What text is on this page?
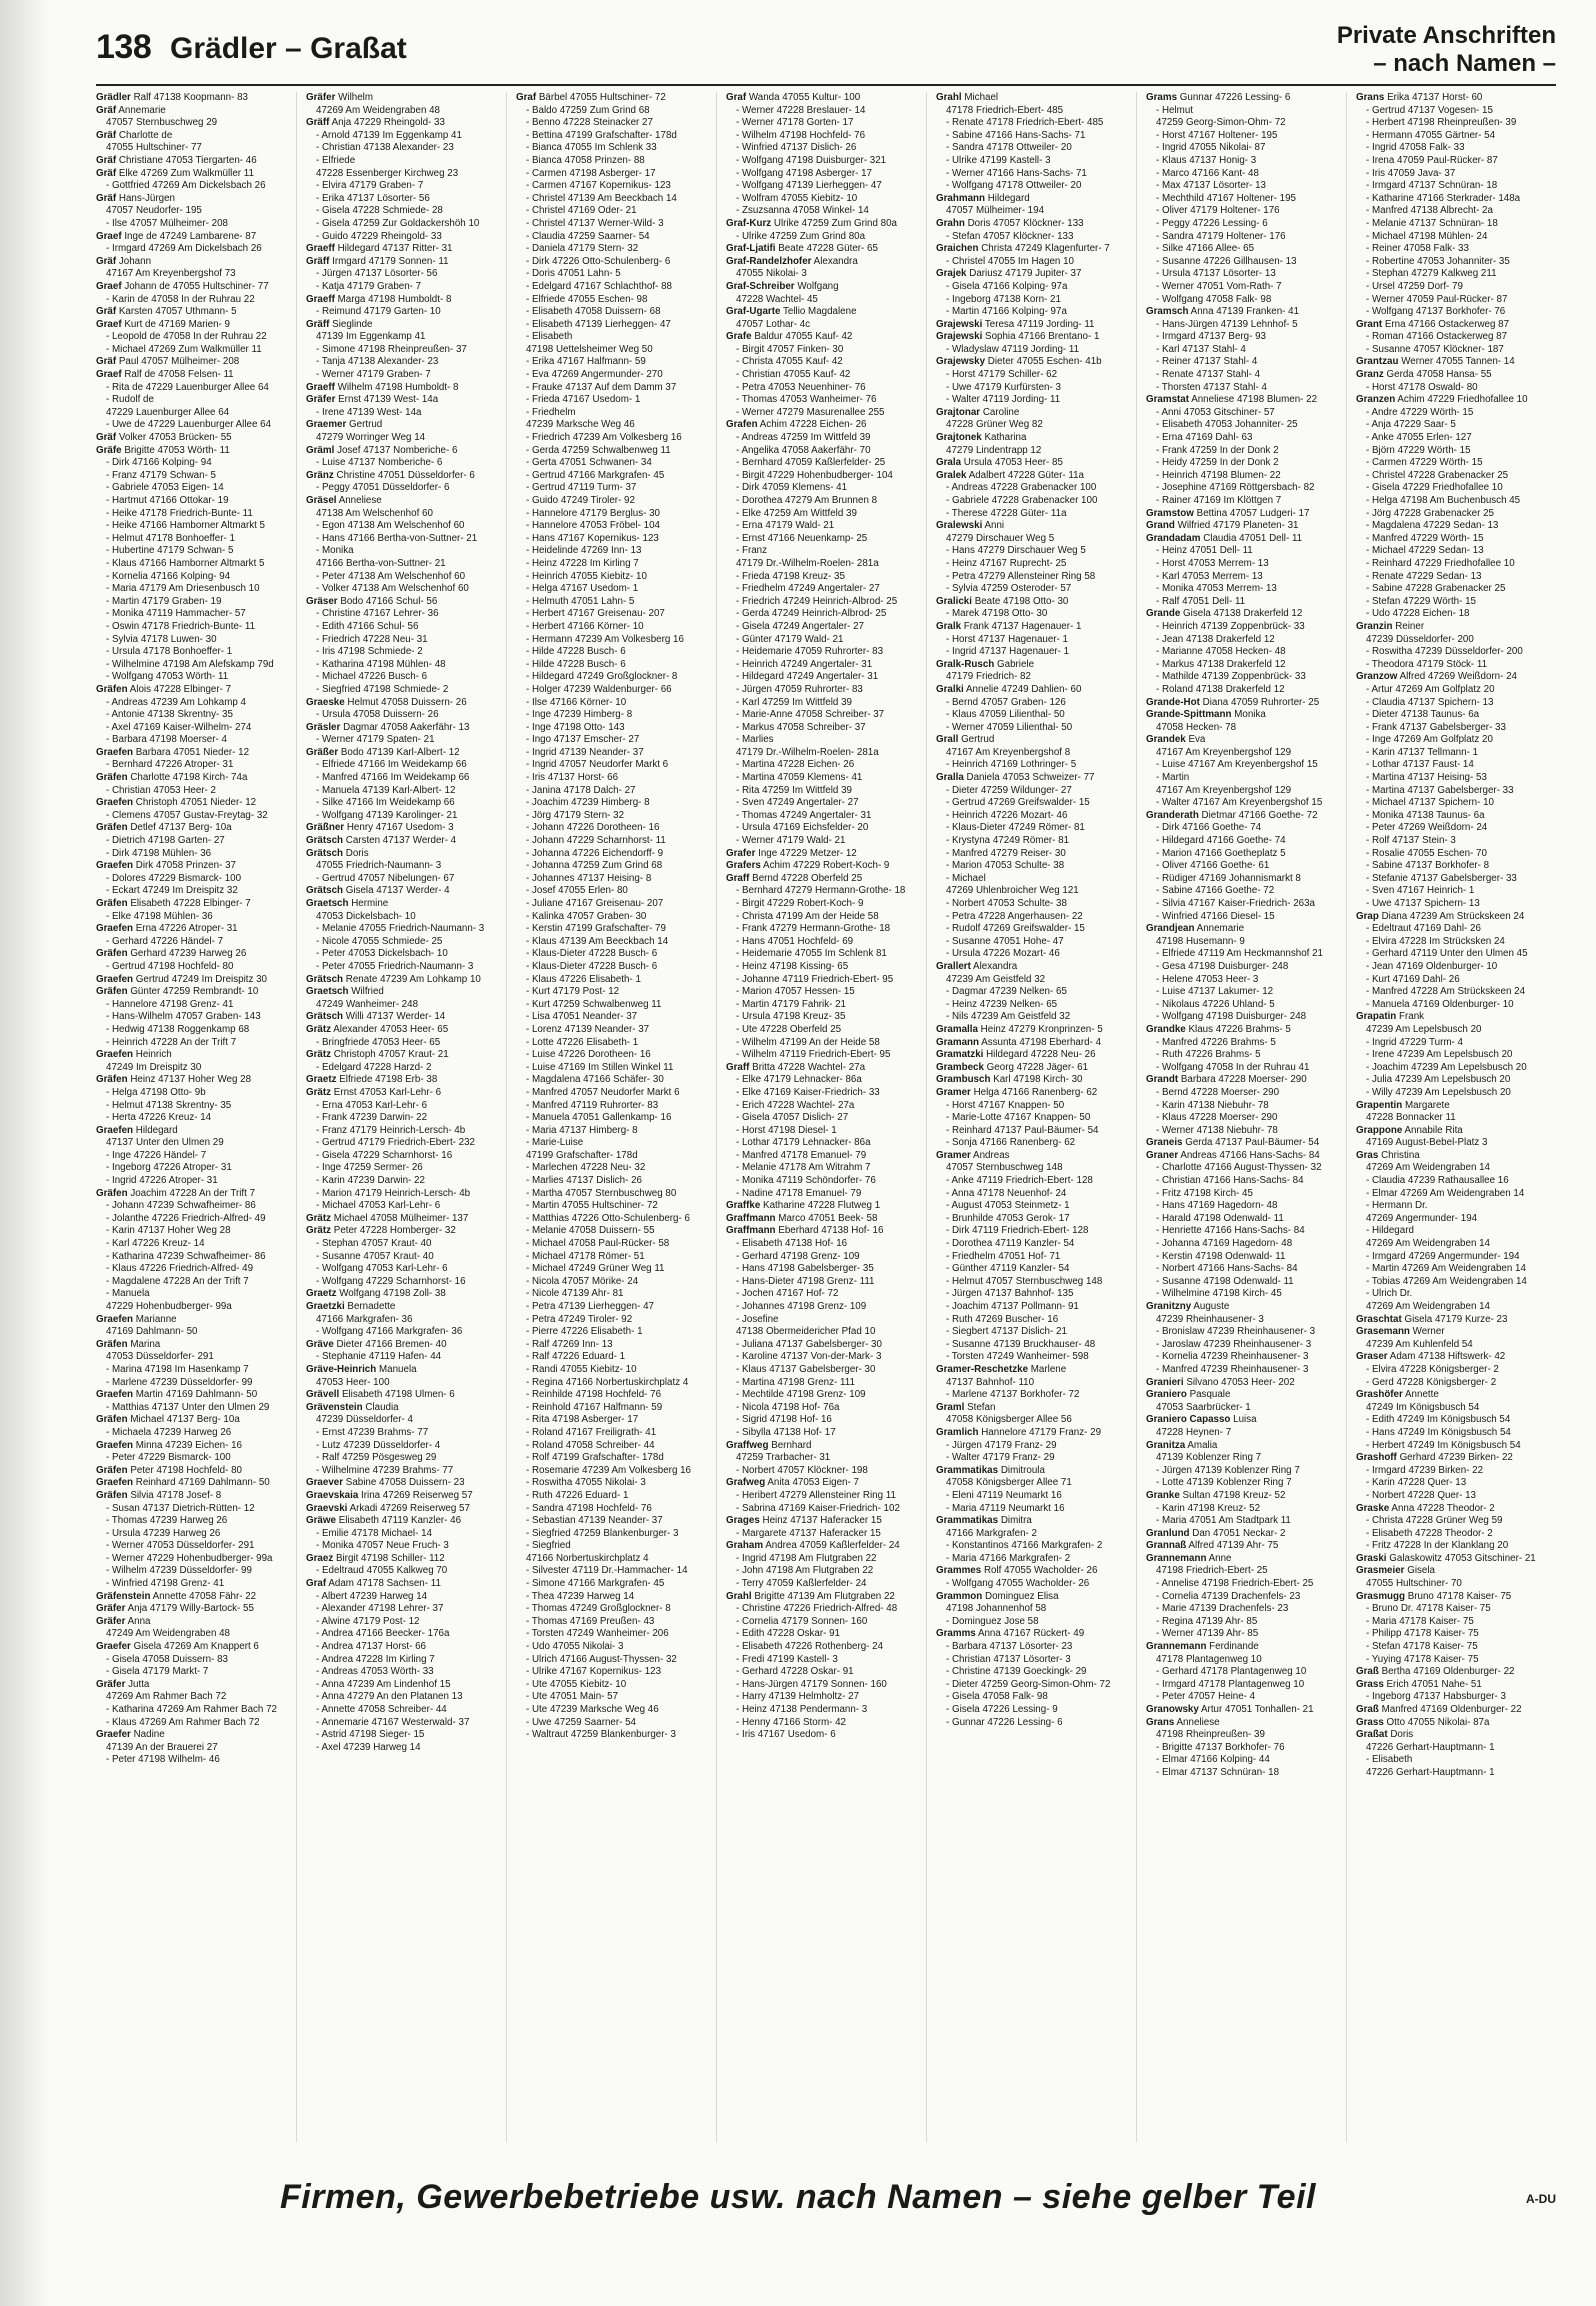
138 Grädler – Graßat	Private Anschriften
– nach Namen –
Grädler Ralf 47138 Koopmann- 83
Gräf Annemarie
47057 Sternbuschweg 29
Gräf Charlotte de
47055 Hultschiner- 77
Gräf Christiane 47053 Tiergarten- 46
Gräf Elke 47269 Zum Walkmüller 11
- Gottfried 47269 Am Dickelsbach 26
Gräf Hans-Jürgen
47057 Neudorfer- 195
- Ilse 47057 Mülheimer- 208
Graef Inge de 47249 Lambarene- 87
- Irmgard 47269 Am Dickelsbach 26
Gräf Johann
47167 Am Kreyenbergshof 73
Graef Johann de 47055 Hultschiner- 77
- Karin de 47058 In der Ruhrau 22
Gräf Karsten 47057 Uthmann- 5
Graef Kurt de 47169 Marien- 9
- Leopold de 47058 In der Ruhrau 22
- Michael 47269 Zum Walkmüller 11
Gräf Paul 47057 Mülheimer- 208
Graef Ralf de 47058 Felsen- 11
- Rita de 47229 Lauenburger Allee 64
- Rudolf de
47229 Lauenburger Allee 64
- Uwe de 47229 Lauenburger Allee 64
Gräf Volker 47053 Brücken- 55
Gräfe Brigitte 47053 Wörth- 11
- Dirk 47166 Kolping- 94
- Franz 47179 Schwan- 5
- Gabriele 47053 Eigen- 14
- Hartmut 47166 Ottokar- 19
- Heike 47178 Friedrich-Bunte- 11
- Heike 47166 Hamborner Altmarkt 5
- Helmut 47178 Bonhoeffer- 1
- Hubertine 47179 Schwan- 5
- Klaus 47166 Hamborner Altmarkt 5
- Kornelia 47166 Kolping- 94
- Maria 47179 Am Driesenbusch 10
- Martin 47179 Graben- 19
- Monika 47119 Hammacher- 57
- Oswin 47178 Friedrich-Bunte- 11
- Sylvia 47178 Luwen- 30
- Ursula 47178 Bonhoeffer- 1
- Wilhelmine 47198 Am Alefskamp 79d
- Wolfgang 47053 Wörth- 11
Gräfen Alois 47228 Elbinger- 7
- Andreas 47239 Am Lohkamp 4
- Antonie 47138 Skrentny- 35
- Axel 47169 Kaiser-Wilhelm- 274
- Barbara 47198 Moerser- 4
Graefen Barbara 47051 Nieder- 12
- Bernhard 47226 Atroper- 31
Gräfen Charlotte 47198 Kirch- 74a
- Christian 47053 Heer- 2
Graefen Christoph 47051 Nieder- 12
- Clemens 47057 Gustav-Freytag- 32
Gräfen Detlef 47137 Berg- 10a
- Dietrich 47198 Garten- 27
- Dirk 47198 Mühlen- 36
Graefen Dirk 47058 Prinzen- 37
- Dolores 47229 Bismarck- 100
- Eckart 47249 Im Dreispitz 32
Gräfen Elisabeth 47228 Elbinger- 7
- Elke 47198 Mühlen- 36
Graefen Erna 47226 Atroper- 31
- Gerhard 47226 Händel- 7
Gräfen Gerhard 47239 Harweg 26
- Gertrud 47198 Hochfeld- 80
Graefen Gertrud 47249 Im Dreispitz 30
Gräfen Günter 47259 Rembrandt- 10
- Hannelore 47198 Grenz- 41
- Hans-Wilhelm 47057 Graben- 143
- Hedwig 47138 Roggenkamp 68
- Heinrich 47228 An der Trift 7
Graefen Heinrich
47249 Im Dreispitz 30
Gräfen Heinz 47137 Hoher Weg 28
- Helga 47198 Otto- 9b
- Helmut 47138 Skrentny- 35
- Herta 47226 Kreuz- 14
Graefen Hildegard
47137 Unter den Ulmen 29
- Inge 47226 Händel- 7
- Ingeborg 47226 Atroper- 31
- Ingrid 47226 Atroper- 31
Gräfen Joachim 47228 An der Trift 7
- Johann 47239 Schwafheimer- 86
- Jolanthe 47226 Friedrich-Alfred- 49
- Karin 47137 Hoher Weg 28
- Karl 47226 Kreuz- 14
- Katharina 47239 Schwafheimer- 86
- Klaus 47226 Friedrich-Alfred- 49
- Magdalene 47228 An der Trift 7
- Manuela
47229 Hohenbudberger- 99a
Graefen Marianne
47169 Dahlmann- 50
Gräfen Marina
47053 Düsseldorfer- 291
- Marina 47198 Im Hasenkamp 7
- Marlene 47239 Düsseldorfer- 99
Graefen Martin 47169 Dahlmann- 50
- Matthias 47137 Unter den Ulmen 29
Gräfen Michael 47137 Berg- 10a
- Michaela 47239 Harweg 26
Graefen Minna 47239 Eichen- 16
- Peter 47229 Bismarck- 100
Gräfen Peter 47198 Hochfeld- 80
Graefen Reinhard 47169 Dahlmann- 50
Gräfen Silvia 47178 Josef- 8
- Susan 47137 Dietrich-Rütten- 12
- Thomas 47239 Harweg 26
- Ursula 47239 Harweg 26
- Werner 47053 Düsseldorfer- 291
- Werner 47229 Hohenbudberger- 99a
- Wilhelm 47239 Düsseldorfer- 99
- Winfried 47198 Grenz- 41
Gräfenstein Annette 47058 Fähr- 22
Gräfer Anja 47179 Willy-Bartock- 55
Gräfer Anna
47249 Am Weidengraben 48
Graefer Gisela 47269 Am Knappert 6
- Gisela 47058 Duissern- 83
- Gisela 47179 Markt- 7
Gräfer Jutta
47269 Am Rahmer Bach 72
- Katharina 47269 Am Rahmer Bach 72
- Klaus 47269 Am Rahmer Bach 72
Graefer Nadine
47139 An der Brauerei 27
- Peter 47198 Wilhelm- 46
Gräfer Wilhelm
47269 Am Weidengraben 48
Gräff Anja 47229 Rheingold- 33
- Arnold 47139 Im Eggenkamp 41
- Christian 47138 Alexander- 23
- Elfriede
47228 Essenberger Kirchweg 23
- Elvira 47179 Graben- 7
- Erika 47137 Lösorter- 56
- Gisela 47228 Schmiede- 28
- Gisela 47259 Zur Goldackershöh 10
- Guido 47229 Rheingold- 33
Graeff Hildegard 47137 Ritter- 31
Gräff Irmgard 47179 Sonnen- 11
- Jürgen 47137 Lösorter- 56
- Katja 47179 Graben- 7
Graeff Marga 47198 Humboldt- 8
- Reimund 47179 Garten- 10
Gräff Sieglinde
47139 Im Eggenkamp 41
- Simone 47198 Rheinpreußen- 37
- Tanja 47138 Alexander- 23
- Werner 47179 Graben- 7
Graeff Wilhelm 47198 Humboldt- 8
Gräfer Ernst 47139 West- 14a
- Irene 47139 West- 14a
Graemer Gertrud
47279 Worringer Weg 14
Gräml Josef 47137 Nomberiche- 6
- Luise 47137 Nomberiche- 6
Gränz Christine 47051 Düsseldorfer- 6
- Peggy 47051 Düsseldorfer- 6
Gräsel Anneliese
47138 Am Welschenhof 60
- Egon 47138 Am Welschenhof 60
- Hans 47166 Bertha-von-Suttner- 21
- Monika
47166 Bertha-von-Suttner- 21
- Peter 47138 Am Welschenhof 60
- Volker 47138 Am Welschenhof 60
Gräser Bodo 47166 Schul- 56
- Christine 47167 Lehrer- 36
- Edith 47166 Schul- 56
- Friedrich 47228 Neu- 31
- Iris 47198 Schmiede- 2
- Katharina 47198 Mühlen- 48
- Michael 47226 Busch- 6
- Siegfried 47198 Schmiede- 2
Graeske Helmut 47058 Duissern- 26
- Ursula 47058 Duissern- 26
Gräsler Dagmar 47058 Aakerfähr- 13
- Werner 47179 Spaten- 21
Gräßer Bodo 47139 Karl-Albert- 12
- Elfriede 47166 Im Weidekamp 66
- Manfred 47166 Im Weidekamp 66
- Manuela 47139 Karl-Albert- 12
- Silke 47166 Im Weidekamp 66
- Wolfgang 47139 Karolinger- 21
Gräßner Henry 47167 Usedom- 3
Grätsch Carsten 47137 Werder- 4
Grätsch Doris
47055 Friedrich-Naumann- 3
- Gertrud 47057 Nibelungen- 67
Grätsch Gisela 47137 Werder- 4
Graetsch Hermine
47053 Dickelsbach- 10
- Melanie 47055 Friedrich-Naumann- 3
- Nicole 47055 Schmiede- 25
- Peter 47053 Dickelsbach- 10
- Peter 47055 Friedrich-Naumann- 3
Grätsch Renate 47239 Am Lohkamp 10
Graetsch Wilfried
47249 Wanheimer- 248
Grätsch Willi 47137 Werder- 14
Grätz Alexander 47053 Heer- 65
- Bringfriede 47053 Heer- 65
Grätz Christoph 47057 Kraut- 21
- Edelgard 47228 Harzd- 2
Graetz Elfriede 47198 Erb- 38
Grätz Ernst 47053 Karl-Lehr- 6
- Erna 47053 Karl-Lehr- 6
- Frank 47239 Darwin- 22
- Franz 47179 Heinrich-Lersch- 4b
- Gertrud 47179 Friedrich-Ebert- 232
- Gisela 47229 Scharnhorst- 16
- Inge 47259 Sermer- 26
- Karin 47239 Darwin- 22
- Marion 47179 Heinrich-Lersch- 4b
- Michael 47053 Karl-Lehr- 6
Grätz Michael 47058 Mülheimer- 137
Grätz Peter 47228 Homberger- 32
- Stephan 47057 Kraut- 40
- Susanne 47057 Kraut- 40
- Wolfgang 47053 Karl-Lehr- 6
- Wolfgang 47229 Scharnhorst- 16
Graetz Wolfgang 47198 Zoll- 38
Graetzki Bernadette
47166 Markgrafen- 36
- Wolfgang 47166 Markgrafen- 36
Gräve Dieter 47166 Bremen- 40
- Stephanie 47119 Hafen- 44
Gräve-Heinrich Manuela
47053 Heer- 100
Grävell Elisabeth 47198 Ulmen- 6
Grävenstein Claudia
47239 Düsseldorfer- 4
- Ernst 47239 Brahms- 77
- Lutz 47239 Düsseldorfer- 4
- Ralf 47259 Pösgesweg 29
- Wilhelmine 47239 Brahms- 77
Graever Sabine 47058 Duissern- 23
Graevskaia Irina 47269 Reiserweg 57
Graevski Arkadi 47269 Reiserweg 57
Gräwe Elisabeth 47119 Kanzler- 46
- Emilie 47178 Michael- 14
- Monika 47057 Neue Fruch- 3
Graez Birgit 47198 Schiller- 112
- Edeltraud 47055 Kalkweg 70
Graf Adam 47178 Sachsen- 11
- Albert 47239 Harweg 14
- Alexander 47198 Lehrer- 37
- Alwine 47179 Post- 12
- Andrea 47166 Beecker- 176a
- Andrea 47137 Horst- 66
- Andrea 47228 Im Kirling 7
- Andreas 47053 Wörth- 33
- Anna 47239 Am Lindenhof 15
- Anna 47279 An den Platanen 13
- Annette 47058 Schreiber- 44
- Annemarie 47167 Westerwald- 37
- Astrid 47198 Sieger- 15
- Axel 47239 Harweg 14
Graf Bärbel 47055 Hultschiner- 72
- Baldo 47259 Zum Grind 68
- Benno 47228 Steinacker 27
- Bettina 47199 Grafschafter- 178d
- Bianca 47055 Im Schlenk 33
- Bianca 47058 Prinzen- 88
- Carmen 47198 Asberger- 17
- Carmen 47167 Kopernikus- 123
- Christel 47139 Am Beeckbach 14
- Christel 47169 Oder- 21
- Christel 47137 Werner-Wild- 3
- Claudia 47259 Saarner- 54
- Daniela 47179 Stern- 32
- Dirk 47226 Otto-Schulenberg- 6
- Doris 47051 Lahn- 5
- Edelgard 47167 Schlachthof- 88
- Elfriede 47055 Eschen- 98
- Elisabeth 47058 Duissern- 68
- Elisabeth 47139 Lierheggen- 47
- Elisabeth
47198 Uettelsheimer Weg 50
- Erika 47167 Halfmann- 59
- Eva 47269 Angermunder- 270
- Frauke 47137 Auf dem Damm 37
- Frieda 47167 Usedom- 1
- Friedhelm
47239 Marksche Weg 46
- Friedrich 47239 Am Volkesberg 16
- Gerda 47259 Schwalbenweg 11
- Gerta 47051 Schwanen- 34
- Gertrud 47166 Markgrafen- 45
- Gertrud 47119 Turm- 37
- Guido 47249 Tiroler- 92
- Hannelore 47179 Berglus- 30
- Hannelore 47053 Fröbel- 104
- Hans 47167 Kopernikus- 123
- Heidelinde 47269 Inn- 13
- Heinz 47228 Im Kirling 7
- Heinrich 47055 Kiebitz- 10
- Helga 47167 Usedom- 1
- Helmuth 47051 Lahn- 5
- Herbert 47167 Greisenau- 207
- Herbert 47166 Körner- 10
- Hermann 47239 Am Volkesberg 16
- Hilde 47228 Busch- 6
- Hilde 47228 Busch- 6
- Hildegard 47249 Großglockner- 8
- Holger 47239 Waldenburger- 66
- Ilse 47166 Körner- 10
- Inge 47239 Himberg- 8
- Inge 47198 Otto- 143
- Ingo 47137 Emscher- 27
- Ingrid 47139 Neander- 37
- Ingrid 47057 Neudorfer Markt 6
- Iris 47137 Horst- 66
- Janina 47178 Dalch- 27
- Joachim 47239 Himberg- 8
- Jörg 47179 Stern- 32
- Johann 47226 Dorotheen- 16
- Johann 47229 Scharnhorst- 11
- Johanna 47226 Eichendorff- 9
- Johanna 47259 Zum Grind 68
- Johannes 47137 Heising- 8
- Josef 47055 Erlen- 80
- Juliane 47167 Greisenau- 207
- Kalinka 47057 Graben- 30
- Kerstin 47199 Grafschafter- 79
- Klaus 47139 Am Beeckbach 14
- Klaus-Dieter 47228 Busch- 6
- Klaus-Dieter 47228 Busch- 6
- Klaus 47226 Elisabeth- 1
- Kurt 47179 Post- 12
- Kurt 47259 Schwalbenweg 11
- Lisa 47051 Neander- 37
- Lorenz 47139 Neander- 37
- Lotte 47226 Elisabeth- 1
- Luise 47226 Dorotheen- 16
- Luise 47169 Im Stillen Winkel 11
- Magdalena 47166 Schäfer- 30
- Manfred 47057 Neudorfer Markt 6
- Manfred 47119 Ruhrorter- 83
- Manuela 47051 Gallenkamp- 16
- Maria 47137 Himberg- 8
- Marie-Luise
47199 Grafschafter- 178d
- Marlechen 47228 Neu- 32
- Marlies 47137 Dislich- 26
- Martha 47057 Sternbuschweg 80
- Martin 47055 Hultschiner- 72
- Matthias 47226 Otto-Schulenberg- 6
- Melanie 47058 Duissern- 55
- Michael 47058 Paul-Rücker- 58
- Michael 47178 Römer- 51
- Michael 47249 Grüner Weg 11
- Nicola 47057 Mörike- 24
- Nicole 47139 Ahr- 81
- Petra 47139 Lierheggen- 47
- Petra 47249 Tiroler- 92
- Pierre 47226 Elisabeth- 1
- Ralf 47269 Inn- 13
- Ralf 47226 Eduard- 1
- Randi 47055 Kiebitz- 10
- Regina 47166 Norbertuskirchplatz 4
- Reinhilde 47198 Hochfeld- 76
- Reinhold 47167 Halfmann- 59
- Rita 47198 Asberger- 17
- Roland 47167 Freiligrath- 41
- Roland 47058 Schreiber- 44
- Rolf 47199 Grafschafter- 178d
- Rosemarie 47239 Am Volkesberg 16
- Roswitha 47055 Nikolai- 3
- Ruth 47226 Eduard- 1
- Sandra 47198 Hochfeld- 76
- Sebastian 47139 Neander- 37
- Siegfried 47259 Blankenburger- 3
- Siegfried
47166 Norbertuskirchplatz 4
- Silvester 47119 Dr.-Hammacher- 14
- Simone 47166 Markgrafen- 45
- Thea 47239 Harweg 14
- Thomas 47249 Großglockner- 8
- Thomas 47169 Preußen- 43
- Torsten 47249 Wanheimer- 206
- Udo 47055 Nikolai- 3
- Ulrich 47166 August-Thyssen- 32
- Ulrike 47167 Kopernikus- 123
- Ute 47055 Kiebitz- 10
- Ute 47051 Main- 57
- Ute 47239 Marksche Weg 46
- Uwe 47259 Saarner- 54
- Waltraut 47259 Blankenburger- 3
Graf Wanda 47055 Kultur- 100
- Werner 47228 Breslauer- 14
- Werner 47178 Gorten- 17
- Wilhelm 47198 Hochfeld- 76
- Winfried 47137 Dislich- 26
- Wolfgang 47198 Duisburger- 321
- Wolfgang 47198 Asberger- 17
- Wolfgang 47139 Lierheggen- 47
- Wolfram 47055 Kiebitz- 10
- Zsuzsanna 47058 Winkel- 14
Graf-Kurz Ulrike 47259 Zum Grind 80a
- Ulrike 47259 Zum Grind 80a
Graf-Ljatifi Beate 47228 Güter- 65
Graf-Randelzhofer Alexandra
47055 Nikolai- 3
Graf-Schreiber Wolfgang
47228 Wachtel- 45
Graf-Ugarte Tellio Magdalene
47057 Lothar- 4c
Grafe Baldur 47055 Kauf- 42
- Birgit 47057 Finken- 30
- Christa 47055 Kauf- 42
- Christian 47055 Kauf- 42
- Petra 47053 Neuenhiner- 76
- Thomas 47053 Wanheimer- 76
- Werner 47279 Masurenallee 255
Grafen Achim 47228 Eichen- 26
- Andreas 47259 Im Wittfeld 39
- Angelika 47058 Aakerfähr- 70
- Bernhard 47059 Kaßlerfelder- 25
- Birgit 47229 Hohenbudberger- 104
- Dirk 47059 Klemens- 41
- Dorothea 47279 Am Brunnen 8
- Elke 47259 Am Wittfeld 39
- Erna 47179 Wald- 21
- Ernst 47166 Neuenkamp- 25
- Franz
47179 Dr.-Wilhelm-Roelen- 281a
- Frieda 47198 Kreuz- 35
- Friedhelm 47249 Angertaler- 27
- Friedrich 47249 Heinrich-Albrod- 25
- Gerda 47249 Heinrich-Albrod- 25
- Gisela 47249 Angertaler- 27
- Günter 47179 Wald- 21
- Heidemarie 47059 Ruhrorter- 83
- Heinrich 47249 Angertaler- 31
- Hildegard 47249 Angertaler- 31
- Jürgen 47059 Ruhrorter- 83
- Karl 47259 Im Wittfeld 39
- Marie-Anne 47058 Schreiber- 37
- Markus 47058 Schreiber- 37
- Marlies
47179 Dr.-Wilhelm-Roelen- 281a
- Martina 47228 Eichen- 26
- Martina 47059 Klemens- 41
- Rita 47259 Im Wittfeld 39
- Sven 47249 Angertaler- 27
- Thomas 47249 Angertaler- 31
- Ursula 47169 Eichsfelder- 20
- Werner 47179 Wald- 21
Grafer Inge 47229 Metzer- 12
Grafers Achim 47229 Robert-Koch- 9
Graff Bernd 47228 Oberfeld 25
- Bernhard 47279 Hermann-Grothe- 18
- Birgit 47229 Robert-Koch- 9
- Christa 47199 Am der Heide 58
- Frank 47279 Hermann-Grothe- 18
- Hans 47051 Hochfeld- 69
- Heidemarie 47055 Im Schlenk 81
- Heinz 47198 Kissing- 65
- Johanne 47119 Friedrich-Ebert- 95
- Marion 47057 Hessen- 15
- Martin 47179 Fahrik- 21
- Ursula 47198 Kreuz- 35
- Ute 47228 Oberfeld 25
- Wilhelm 47199 An der Heide 58
- Wilhelm 47119 Friedrich-Ebert- 95
Graff Britta 47228 Wachtel- 27a
- Elke 47179 Lehnacker- 86a
- Elke 47169 Kaiser-Friedrich- 33
- Erich 47228 Wachtel- 27a
- Gisela 47057 Dislich- 27
- Horst 47198 Diesel- 1
- Lothar 47179 Lehnacker- 86a
- Manfred 47178 Emanuel- 79
- Melanie 47178 Am Witrahm 7
- Monika 47119 Schöndorfer- 76
- Nadine 47178 Emanuel- 79
Graffke Katharine 47228 Flutweg 1
Graffmann Marco 47051 Beek- 58
Graffmann Eberhard 47138 Hof- 16
- Elisabeth 47138 Hof- 16
- Gerhard 47198 Grenz- 109
- Hans 47198 Gabelsberger- 35
- Hans-Dieter 47198 Grenz- 111
- Jochen 47167 Hof- 72
- Johannes 47198 Grenz- 109
- Josefine
47138 Obermeidericher Pfad 10
- Juliana 47137 Gabelsberger- 30
- Karoline 47137 Von-der-Mark- 3
- Klaus 47137 Gabelsberger- 30
- Martina 47198 Grenz- 111
- Mechtilde 47198 Grenz- 109
- Nicola 47198 Hof- 76a
- Sigrid 47198 Hof- 16
- Sibylla 47138 Hof- 17
Graffweg Bernhard
47259 Trarbacher- 31
- Norbert 47057 Klöckner- 198
Grafweg Anita 47053 Eigen- 7
- Heribert 47279 Allensteiner Ring 11
- Sabrina 47169 Kaiser-Friedrich- 102
Grages Heinz 47137 Haferacker 15
- Margarete 47137 Haferacker 15
Graham Andrea 47059 Kaßlerfelder- 24
- Ingrid 47198 Am Flutgraben 22
- John 47198 Am Flutgraben 22
- Terry 47059 Kaßlerfelder- 24
Grahl Brigitte 47139 Am Flutgraben 22
- Christine 47226 Friedrich-Alfred- 48
- Cornelia 47179 Sonnen- 160
- Edith 47228 Oskar- 91
- Elisabeth 47226 Rothenberg- 24
- Fredi 47199 Kastell- 3
- Gerhard 47228 Oskar- 91
- Hans-Jürgen 47179 Sonnen- 160
- Harry 47139 Helmholtz- 27
- Heinz 47138 Pendermann- 3
- Henny 47166 Storm- 42
- Iris 47167 Usedom- 6
Grahl Michael
47178 Friedrich-Ebert- 485
- Renate 47178 Friedrich-Ebert- 485
- Sabine 47166 Hans-Sachs- 71
- Sandra 47178 Ottweiler- 20
- Ulrike 47199 Kastell- 3
- Werner 47166 Hans-Sachs- 71
- Wolfgang 47178 Ottweiler- 20
Grahmann Hildegard
47057 Mülheimer- 194
Grahn Doris 47057 Klöckner- 133
- Stefan 47057 Klöckner- 133
Graichen Christa 47249 Klagenfurter- 7
- Christel 47055 Im Hagen 10
Grajek Dariusz 47179 Jupiter- 37
- Gisela 47166 Kolping- 97a
- Ingeborg 47138 Korn- 21
- Martin 47166 Kolping- 97a
Grajewski Teresa 47119 Jording- 11
Grajewski Sophia 47166 Brentano- 1
- Wladyslaw 47119 Jording- 11
Grajewsky Dieter 47055 Eschen- 41b
- Horst 47179 Schiller- 62
- Uwe 47179 Kurfürsten- 3
- Walter 47119 Jording- 11
Grajtonar Caroline
47228 Grüner Weg 82
Grajtonek Katharina
47279 Lindentrapp 12
Grala Ursula 47053 Heer- 85
Gralek Adalbert 47228 Güter- 11a
- Andreas 47228 Grabenacker 100
- Gabriele 47228 Grabenacker 100
- Therese 47228 Güter- 11a
Gralewski Anni
47279 Dirschauer Weg 5
- Hans 47279 Dirschauer Weg 5
- Heinz 47167 Ruprecht- 25
- Petra 47279 Allensteiner Ring 58
- Sylvia 47259 Osteroder- 57
Gralicki Beate 47198 Otto- 30
- Marek 47198 Otto- 30
Gralk Frank 47137 Hagenauer- 1
- Horst 47137 Hagenauer- 1
- Ingrid 47137 Hagenauer- 1
Gralk-Rusch Gabriele
47179 Friedrich- 82
Gralki Annelie 47249 Dahlien- 60
- Bernd 47057 Graben- 126
- Klaus 47059 Lilienthal- 50
- Werner 47059 Lilienthal- 50
Grall Gertrud
47167 Am Kreyenbergshof 8
- Heinrich 47169 Lothringer- 5
Gralla Daniela 47053 Schweizer- 77
- Dieter 47259 Wildunger- 27
- Gertrud 47269 Greifswalder- 15
- Heinrich 47226 Mozart- 46
- Klaus-Dieter 47249 Römer- 81
- Krystyna 47249 Römer- 81
- Manfred 47279 Reiser- 30
- Marion 47053 Schulte- 38
- Michael
47269 Uhlenbroicher Weg 121
- Norbert 47053 Schulte- 38
- Petra 47228 Angerhausen- 22
- Rudolf 47269 Greifswalder- 15
- Susanne 47051 Hohe- 47
- Ursula 47226 Mozart- 46
Grallert Alexandra
47239 Am Geistfeld 32
- Dagmar 47239 Nelken- 65
- Heinz 47239 Nelken- 65
- Nils 47239 Am Geistfeld 32
Gramalla Heinz 47279 Kronprinzen- 5
Gramann Assunta 47198 Eberhard- 4
Gramatzki Hildegard 47228 Neu- 26
Grambeck Georg 47228 Jäger- 61
Grambusch Karl 47198 Kirch- 30
Gramer Helga 47166 Ranenberg- 62
- Horst 47167 Knappen- 50
- Marie-Lotte 47167 Knappen- 50
- Reinhard 47137 Paul-Bäumer- 54
- Sonja 47166 Ranenberg- 62
Gramer Andreas
47057 Sternbuschweg 148
- Anke 47119 Friedrich-Ebert- 128
- Anna 47178 Neuenhof- 24
- August 47053 Steinmetz- 1
- Brunhilde 47053 Gerok- 17
- Dirk 47119 Friedrich-Ebert- 128
- Dorothea 47119 Kanzler- 54
- Friedhelm 47051 Hof- 71
- Günther 47119 Kanzler- 54
- Helmut 47057 Sternbuschweg 148
- Jürgen 47137 Bahnhof- 135
- Joachim 47137 Pollmann- 91
- Ruth 47269 Buscher- 16
- Siegbert 47137 Dislich- 21
- Susanne 47139 Bruckhauser- 48
- Torsten 47249 Wanheimer- 598
Gramer-Reschetzke Marlene
47137 Bahnhof- 110
- Marlene 47137 Borkhofer- 72
Graml Stefan
47058 Königsberger Allee 56
Gramlich Hannelore 47179 Franz- 29
- Jürgen 47179 Franz- 29
- Walter 47179 Franz- 29
Grammatikas Dimitroula
47058 Königsberger Allee 71
- Eleni 47119 Neumarkt 16
- Maria 47119 Neumarkt 16
Grammatikas Dimitra
47166 Markgrafen- 2
- Konstantinos 47166 Markgrafen- 2
- Maria 47166 Markgrafen- 2
Grammes Rolf 47055 Wacholder- 26
- Wolfgang 47055 Wacholder- 26
Grammon Dominguez Elisa
47198 Johannenhof 58
- Dominguez Jose 58
Gramms Anna 47167 Rückert- 49
- Barbara 47137 Lösorter- 23
- Christian 47137 Lösorter- 3
- Christine 47139 Goeckingk- 29
- Dieter 47259 Georg-Simon-Ohm- 72
- Gisela 47058 Falk- 98
- Gisela 47226 Lessing- 9
- Gunnar 47226 Lessing- 6
Grams Gunnar 47226 Lessing- 6
- Helmut
47259 Georg-Simon-Ohm- 72
- Horst 47167 Holtener- 195
- Ingrid 47055 Nikolai- 87
- Klaus 47137 Honig- 3
- Marco 47166 Kant- 48
- Max 47137 Lösorter- 13
- Mechthild 47167 Holtener- 195
- Oliver 47179 Holtener- 176
- Peggy 47226 Lessing- 6
- Sandra 47179 Holtener- 176
- Silke 47166 Allee- 65
- Susanne 47226 Gillhausen- 13
- Ursula 47137 Lösorter- 13
- Werner 47051 Vom-Rath- 7
- Wolfgang 47058 Falk- 98
Gramsch Anna 47139 Franken- 41
- Hans-Jürgen 47139 Lehnhof- 5
- Irmgard 47137 Berg- 93
- Karl 47137 Stahl- 4
- Reiner 47137 Stahl- 4
- Renate 47137 Stahl- 4
- Thorsten 47137 Stahl- 4
Gramstat Anneliese 47198 Blumen- 22
- Anni 47053 Gitschiner- 57
- Elisabeth 47053 Johanniter- 25
- Erna 47169 Dahl- 63
- Frank 47259 In der Donk 2
- Heidy 47259 In der Donk 2
- Heinrich 47198 Blumen- 22
- Josephine 47169 Röttgersbach- 82
- Rainer 47169 Im Klöttgen 7
Gramstow Bettina 47057 Ludgeri- 17
Grand Wilfried 47179 Planeten- 31
Grandadam Claudia 47051 Dell- 11
- Heinz 47051 Dell- 11
- Horst 47053 Merrem- 13
- Karl 47053 Merrem- 13
- Monika 47053 Merrem- 13
- Ralf 47051 Dell- 11
Grande Gisela 47138 Drakerfeld 12
- Heinrich 47139 Zoppenbrück- 33
- Jean 47138 Drakerfeld 12
- Marianne 47058 Hecken- 48
- Markus 47138 Drakerfeld 12
- Mathilde 47139 Zoppenbrück- 33
- Roland 47138 Drakerfeld 12
Grande-Hot Diana 47059 Ruhrorter- 25
Grande-Spittmann Monika
47058 Hecken- 78
Grandek Eva
47167 Am Kreyenbergshof 129
- Luise 47167 Am Kreyenbergshof 15
- Martin
47167 Am Kreyenbergshof 129
- Walter 47167 Am Kreyenbergshof 15
Granderath Dietmar 47166 Goethe- 72
- Dirk 47166 Goethe- 74
- Hildegard 47166 Goethe- 74
- Marion 47166 Goetheplatz 5
- Oliver 47166 Goethe- 61
- Rüdiger 47169 Johannismarkt 8
- Sabine 47166 Goethe- 72
- Silvia 47167 Kaiser-Friedrich- 263a
- Winfried 47166 Diesel- 15
Grandjean Annemarie
47198 Husemann- 9
- Elfriede 47119 Am Heckmannshof 21
- Gesa 47198 Duisburger- 248
- Helene 47053 Heer- 3
- Luise 47137 Lakumer- 12
- Nikolaus 47226 Uhland- 5
- Wolfgang 47198 Duisburger- 248
Grandke Klaus 47226 Brahms- 5
- Manfred 47226 Brahms- 5
- Ruth 47226 Brahms- 5
- Wolfgang 47058 In der Ruhrau 41
Grandt Barbara 47228 Moerser- 290
- Bernd 47228 Moerser- 290
- Karin 47138 Niebuhr- 78
- Klaus 47228 Moerser- 290
- Werner 47138 Niebuhr- 78
Graneis Gerda 47137 Paul-Bäumer- 54
Graner Andreas 47166 Hans-Sachs- 84
- Charlotte 47166 August-Thyssen- 32
- Christian 47166 Hans-Sachs- 84
- Fritz 47198 Kirch- 45
- Hans 47169 Hagedorn- 48
- Harald 47198 Odenwald- 11
- Henriette 47166 Hans-Sachs- 84
- Johanna 47169 Hagedorn- 48
- Kerstin 47198 Odenwald- 11
- Norbert 47166 Hans-Sachs- 84
- Susanne 47198 Odenwald- 11
- Wilhelmine 47198 Kirch- 45
Granitzny Auguste
47239 Rheinhausener- 3
- Bronislaw 47239 Rheinhausener- 3
- Jaroslaw 47239 Rheinhausener- 3
- Kornelia 47239 Rheinhausener- 3
- Manfred 47239 Rheinhausener- 3
Granieri Silvano 47053 Heer- 202
Graniero Pasquale
47053 Saarbrücker- 1
Graniero Capasso Luisa
47228 Heynen- 7
Granitza Amalia
47139 Koblenzer Ring 7
- Jürgen 47139 Koblenzer Ring 7
- Lotte 47139 Koblenzer Ring 7
Granke Sultan 47198 Kreuz- 52
- Karin 47198 Kreuz- 52
- Maria 47051 Am Stadtpark 11
Granlund Dan 47051 Neckar- 2
Grannaß Alfred 47139 Ahr- 75
Grannemann Anne
47198 Friedrich-Ebert- 25
- Annelise 47198 Friedrich-Ebert- 25
- Cornelia 47139 Drachenfels- 23
- Marie 47139 Drachenfels- 23
- Regina 47139 Ahr- 85
- Werner 47139 Ahr- 85
Grannemann Ferdinande
47178 Plantagenweg 10
- Gerhard 47178 Plantagenweg 10
- Irmgard 47178 Plantagenweg 10
- Peter 47057 Heine- 4
Granowsky Artur 47051 Tonhallen- 21
Grans Anneliese
47198 Rheinpreußen- 39
- Brigitte 47137 Borkhofer- 76
- Elmar 47166 Kolping- 44
- Elmar 47137 Schnüran- 18
Grans Erika 47137 Horst- 60
- Gertrud 47137 Vogesen- 15
- Herbert 47198 Rheinpreußen- 39
- Hermann 47055 Gärtner- 54
- Ingrid 47058 Falk- 33
- Irena 47059 Paul-Rücker- 87
- Iris 47059 Java- 37
- Irmgard 47137 Schnüran- 18
- Katharine 47166 Sterkrader- 148a
- Manfred 47138 Albrecht- 2a
- Melanie 47137 Schnüran- 18
- Michael 47198 Mühlen- 24
- Reiner 47058 Falk- 33
- Robertine 47053 Johanniter- 35
- Stephan 47279 Kalkweg 211
- Ursel 47259 Dorf- 79
- Werner 47059 Paul-Rücker- 87
- Wolfgang 47137 Borkhofer- 76
Grant Erna 47166 Ostackerweg 87
- Roman 47166 Ostackerweg 87
- Susanne 47057 Klöckner- 187
Grantzau Werner 47055 Tannen- 14
Granz Gerda 47058 Hansa- 55
- Horst 47178 Oswald- 80
Granzen Achim 47229 Friedhofallee 10
- Andre 47229 Wörth- 15
- Anja 47229 Saar- 5
- Anke 47055 Erlen- 127
- Björn 47229 Wörth- 15
- Carmen 47229 Wörth- 15
- Christel 47228 Grabenacker 25
- Gisela 47229 Friedhofallee 10
- Helga 47198 Am Buchenbusch 45
- Jörg 47228 Grabenacker 25
- Magdalena 47229 Sedan- 13
- Manfred 47229 Wörth- 15
- Michael 47229 Sedan- 13
- Reinhard 47229 Friedhofallee 10
- Renate 47229 Sedan- 13
- Sabine 47228 Grabenacker 25
- Stefan 47229 Wörth- 15
- Udo 47228 Eichen- 18
Granzin Reiner
47239 Düsseldorfer- 200
- Roswitha 47239 Düsseldorfer- 200
- Theodora 47179 Stöck- 11
Granzow Alfred 47269 Weißdorn- 24
- Artur 47269 Am Golfplatz 20
- Claudia 47137 Spichern- 13
- Dieter 47138 Taunus- 6a
- Frank 47137 Gabelsberger- 33
- Inge 47269 Am Golfplatz 20
- Karin 47137 Tellmann- 1
- Lothar 47137 Faust- 14
- Martina 47137 Heising- 53
- Martina 47137 Gabelsberger- 33
- Michael 47137 Spichern- 10
- Monika 47138 Taunus- 6a
- Peter 47269 Weißdorn- 24
- Rolf 47137 Stein- 3
- Rosalie 47055 Eschen- 70
- Sabine 47137 Borkhofer- 8
- Stefanie 47137 Gabelsberger- 33
- Sven 47167 Heinrich- 1
- Uwe 47137 Spichern- 13
Grap Diana 47239 Am Strückskeen 24
- Edeltraut 47169 Dahl- 26
- Elvira 47228 Im Strücksken 24
- Gerhard 47119 Unter den Ulmen 45
- Jean 47169 Oldenburger- 10
- Kurt 47169 Dahl- 26
- Manfred 47228 Am Strückskeen 24
- Manuela 47169 Oldenburger- 10
Grapatin Frank
47239 Am Lepelsbusch 20
- Ingrid 47229 Turm- 4
- Irene 47239 Am Lepelsbusch 20
- Joachim 47239 Am Lepelsbusch 20
- Julia 47239 Am Lepelsbusch 20
- Willy 47239 Am Lepelsbusch 20
Grapentin Margarete
47228 Bonnacker 11
Grappone Annabile Rita
47169 August-Bebel-Platz 3
Gras Christina
47269 Am Weidengraben 14
- Claudia 47239 Rathausallee 16
- Elmar 47269 Am Weidengraben 14
- Hermann Dr.
47269 Angermunder- 194
- Hildegard
47269 Am Weidengraben 14
- Irmgard 47269 Angermunder- 194
- Martin 47269 Am Weidengraben 14
- Tobias 47269 Am Weidengraben 14
- Ulrich Dr.
47269 Am Weidengraben 14
Graschtat Gisela 47179 Kurze- 23
Grasemann Werner
47239 Am Kuhlenfeld 54
Graser Adam 47138 Hiftswerk- 42
- Elvira 47228 Königsberger- 2
- Gerd 47228 Königsberger- 2
Grashöfer Annette
47249 Im Königsbusch 54
- Edith 47249 Im Königsbusch 54
- Hans 47249 Im Königsbusch 54
- Herbert 47249 Im Königsbusch 54
Grashoff Gerhard 47239 Birken- 22
- Irmgard 47239 Birken- 22
- Karin 47228 Quer- 13
- Norbert 47228 Quer- 13
Graske Anna 47228 Theodor- 2
- Christa 47228 Grüner Weg 59
- Elisabeth 47228 Theodor- 2
- Fritz 47228 In der Klanklang 20
Graski Galaskowitz 47053 Gitschiner- 21
Grasmeier Gisela
47055 Hultschiner- 70
Grasmugg Bruno 47178 Kaiser- 75
- Bruno Dr. 47178 Kaiser- 75
- Maria 47178 Kaiser- 75
- Philipp 47178 Kaiser- 75
- Stefan 47178 Kaiser- 75
- Yuying 47178 Kaiser- 75
Graß Bertha 47169 Oldenburger- 22
Grass Erich 47051 Nahe- 51
- Ingeborg 47137 Habsburger- 3
Graß Manfred 47169 Oldenburger- 22
Grass Otto 47055 Nikolai- 87a
Graßat Doris
47226 Gerhart-Hauptmann- 1
- Elisabeth
47226 Gerhart-Hauptmann- 1
Firmen, Gewerbebetriebe usw. nach Namen – siehe gelber Teil	A-DU
